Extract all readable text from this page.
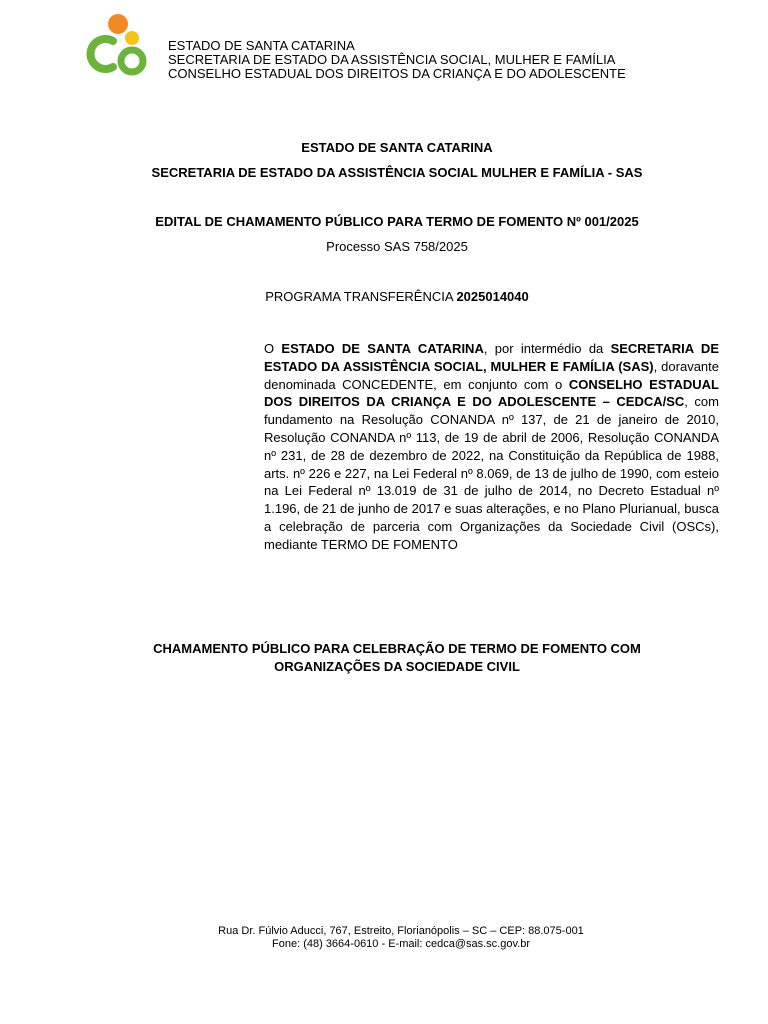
ESTADO DE SANTA CATARINA
SECRETARIA DE ESTADO DA ASSISTÊNCIA SOCIAL, MULHER E FAMÍLIA
CONSELHO ESTADUAL DOS DIREITOS DA CRIANÇA E DO ADOLESCENTE
ESTADO DE SANTA CATARINA
SECRETARIA DE ESTADO DA ASSISTÊNCIA SOCIAL MULHER E FAMÍLIA - SAS
EDITAL DE CHAMAMENTO PÚBLICO PARA TERMO DE FOMENTO Nº 001/2025
Processo SAS 758/2025
PROGRAMA TRANSFERÊNCIA 2025014040
O ESTADO DE SANTA CATARINA, por intermédio da SECRETARIA DE ESTADO DA ASSISTÊNCIA SOCIAL, MULHER E FAMÍLIA (SAS), doravante denominada CONCEDENTE, em conjunto com o CONSELHO ESTADUAL DOS DIREITOS DA CRIANÇA E DO ADOLESCENTE – CEDCA/SC, com fundamento na Resolução CONANDA nº 137, de 21 de janeiro de 2010, Resolução CONANDA nº 113, de 19 de abril de 2006, Resolução CONANDA nº 231, de 28 de dezembro de 2022, na Constituição da República de 1988, arts. nº 226 e 227, na Lei Federal nº 8.069, de 13 de julho de 1990, com esteio na Lei Federal nº 13.019 de 31 de julho de 2014, no Decreto Estadual nº 1.196, de 21 de junho de 2017 e suas alterações, e no Plano Plurianual, busca a celebração de parceria com Organizações da Sociedade Civil (OSCs), mediante TERMO DE FOMENTO
CHAMAMENTO PÚBLICO PARA CELEBRAÇÃO DE TERMO DE FOMENTO COM
ORGANIZAÇÕES DA SOCIEDADE CIVIL
Rua Dr. Fúlvio Aducci, 767, Estreito, Florianópolis – SC – CEP: 88.075-001
Fone: (48) 3664-0610 - E-mail: cedca@sas.sc.gov.br
